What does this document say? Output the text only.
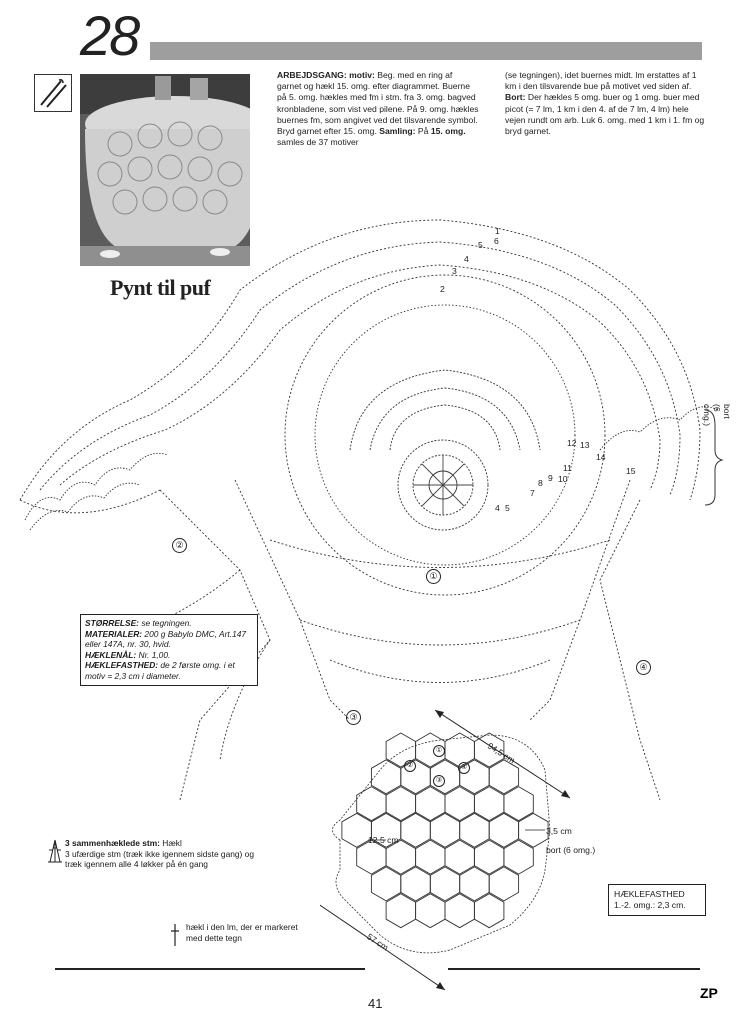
28
Pynt til puf

ARBEJDSGANG: motiv: Beg. med en ring af garnet og hækl 15. omg. efter diagrammet. Buerne på 5. omg. hækles med fm i stm. fra 3. omg. bagved kronbladene, som vist ved pilene. På 9. omg. hækles buernes fm, som angivet ved det tilsvarende symbol. Bryd garnet efter 15. omg. Samling: På 15. omg. samles de 37 motiver

(se tegningen), idet buernes midt. lm erstattes af 1 km i den tilsvarende bue på motivet ved siden af. Bort: Der hækles 5 omg. buer og 1 omg. buer med picot (= 7 lm, 1 km i den 4. af de 7 lm, 4 lm) hele vejen rundt om arb. Luk 6. omg. med 1 km i 1. fm og bryd garnet.

①
②
③
④
1
2
3
4
5 6
4 5
7
8 9 10
11
12 13
14
15
bort (6 omg.)

STØRRELSE: se tegningen.

MATERIALER: 200 g Babylo DMC, Art.147 eller 147A, nr. 30, hvid.

HÆKLENÅL: Nr. 1,00.

HÆKLEFASTHED: de 2 første omg. i et motiv = 2,3 cm i diameter.

94,5 cm
57 cm
12,5 cm
3,5 cm
bort (6 omg.)
①
②
③
④

3 sammenhæklede stm: Hækl

3 ufærdige stm (træk ikke igennem sidste gang) og træk igennem alle 4 løkker på én gang

hækl i den lm, der er markeret med dette tegn
HÆKLEFASTHED
1.-2. omg.: 2,3 cm.
41
ZP
